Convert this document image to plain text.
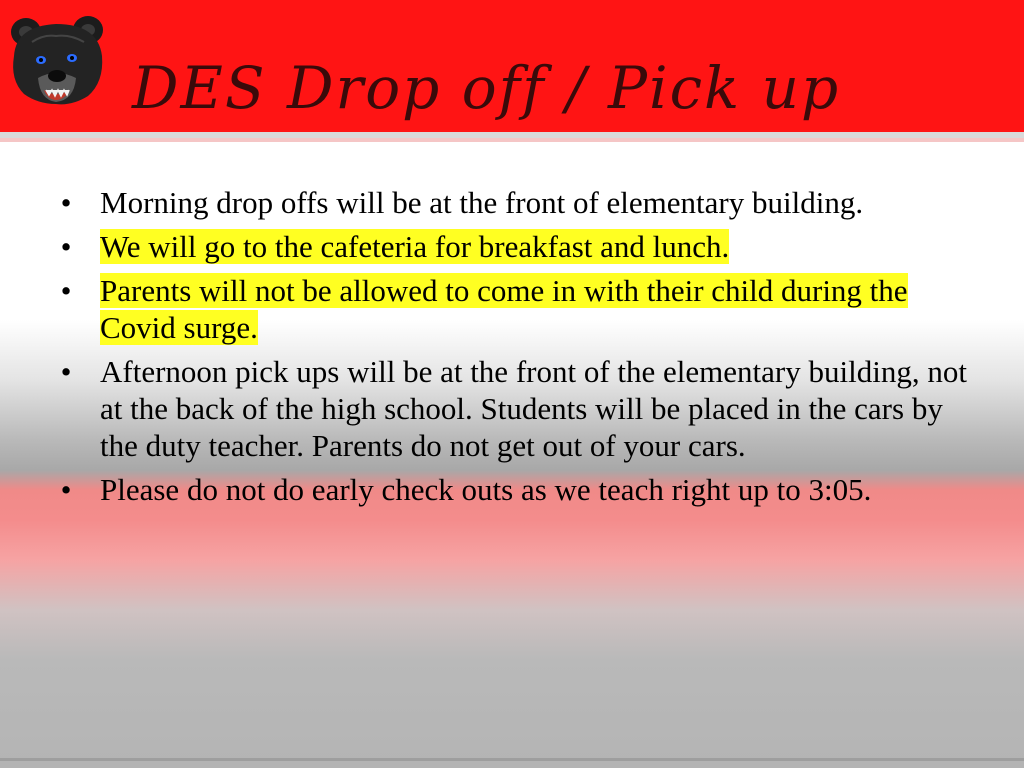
DES Drop off / Pick up
• Morning drop offs will be at the front of elementary building.
• We will go to the cafeteria for breakfast and lunch.
• Parents will not be allowed to come in with their child during the Covid surge.
• Afternoon pick ups will be at the front of the elementary building, not at the back of the high school. Students will be placed in the cars by the duty teacher. Parents do not get out of your cars.
• Please do not do early check outs as we teach right up to 3:05.
